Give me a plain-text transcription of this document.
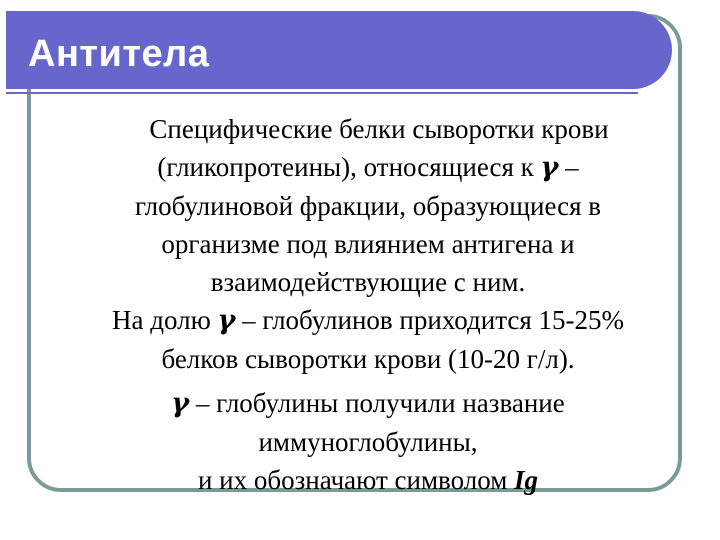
Антитела
Специфические белки сыворотки крови
(гликопротеины), относящиеся к γ –
глобулиновой фракции, образующиеся в
организме под влиянием антигена и
взаимодействующие с ним.
На долю γ – глобулинов приходится 15-25%
белков сыворотки крови (10-20 г/л).
γ – глобулины получили название
иммуноглобулины,
и их обозначают символом Ig
